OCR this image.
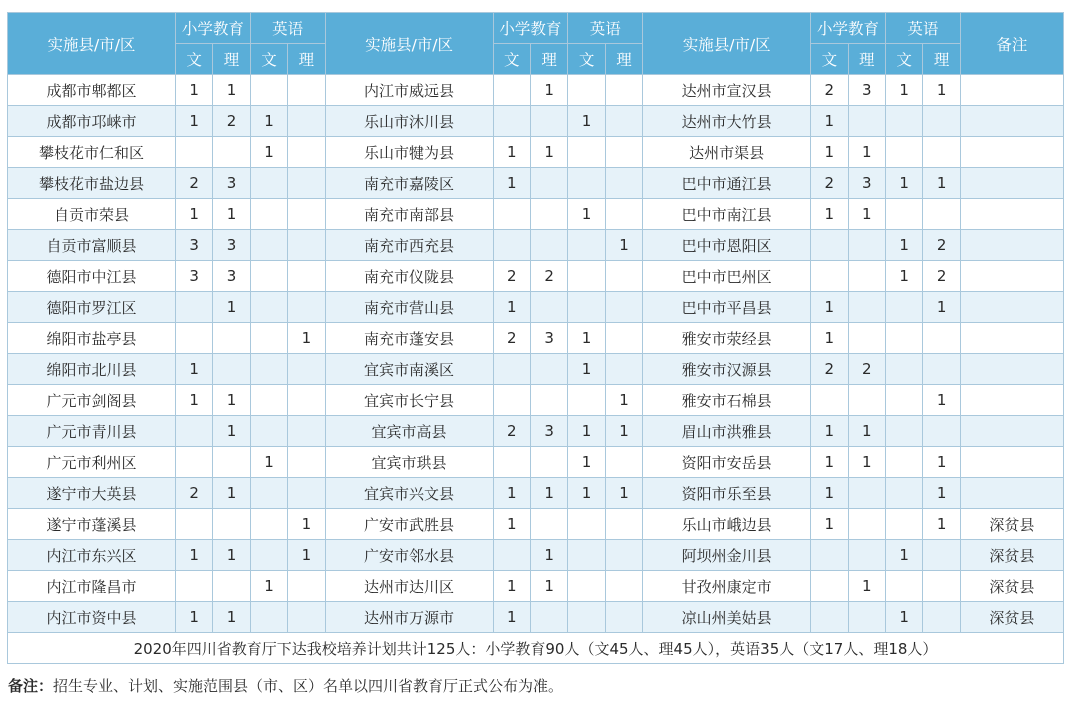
实施县/市/区	小学教育		英语		实施县/市/区	小学教育		英语		实施县/市/区	小学教育		英语		备注
	文	理	文	理		文	理	文	理		文	理	文	理	
成都市郫都区	1	1			内江市威远县		1			达州市宣汉县	2	3	1	1	
成都市邛崃市	1	2	1		乐山市沐川县			1		达州市大竹县	1				
攀枝花市仁和区			1		乐山市犍为县	1	1			达州市渠县	1	1			
攀枝花市盐边县	2	3			南充市嘉陵区	1				巴中市通江县	2	3	1	1	
自贡市荣县	1	1			南充市南部县			1		巴中市南江县	1	1			
自贡市富顺县	3	3			南充市西充县				1	巴中市恩阳区			1	2	
德阳市中江县	3	3			南充市仪陇县	2	2			巴中市巴州区			1	2	
德阳市罗江区		1			南充市营山县	1				巴中市平昌县	1			1	
绵阳市盐亭县				1	南充市蓬安县	2	3	1		雅安市荥经县	1				
绵阳市北川县	1				宜宾市南溪区			1		雅安市汉源县	2	2			
广元市剑阁县	1	1			宜宾市长宁县				1	雅安市石棉县				1	
广元市青川县		1			宜宾市高县	2	3	1	1	眉山市洪雅县	1	1			
广元市利州区			1		宜宾市珙县			1		资阳市安岳县	1	1		1	
遂宁市大英县	2	1			宜宾市兴文县	1	1	1	1	资阳市乐至县	1			1	
遂宁市蓬溪县				1	广安市武胜县	1				乐山市峨边县	1			1	深贫县
内江市东兴区	1	1		1	广安市邻水县		1			阿坝州金川县			1		深贫县
内江市隆昌市			1		达州市达川区	1	1			甘孜州康定市		1			深贫县
内江市资中县	1	1			达州市万源市	1				凉山州美姑县			1		深贫县
2020年四川省教育厅下达我校培养计划共计125人：小学教育90人（文45人、理45人），英语35人（文17人、理18人）															
备注：招生专业、计划、实施范围县（市、区）名单以四川省教育厅正式公布为准。
